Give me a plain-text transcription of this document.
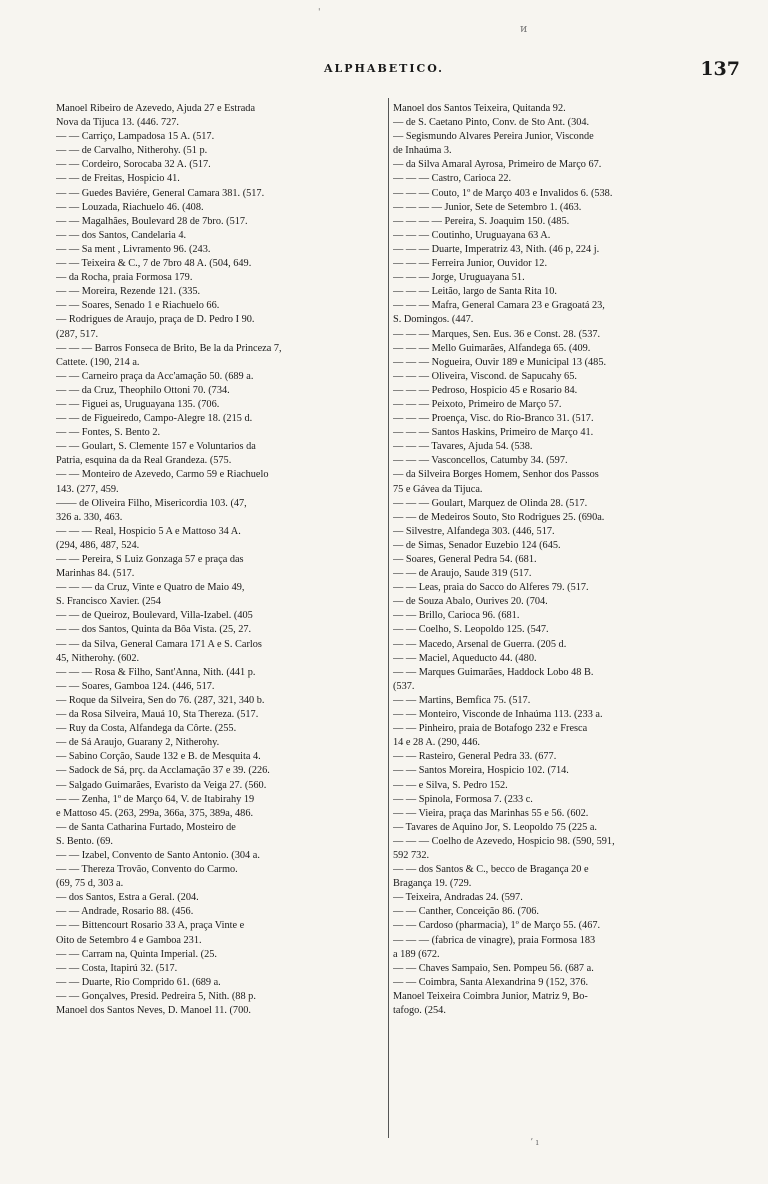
'
ᴎ
ALPHABETICO.	137
Manoel Ribeiro de Azevedo, Ajuda 27 e Estrada
Nova da Tijuca 13. (446. 727.
— — Carriço, Lampadosa 15 A. (517.
— — de Carvalho, Nitherohy. (51 p.
— — Cordeiro, Sorocaba 32 A. (517.
— — de Freitas, Hospicio 41.
— — Guedes Baviére, General Camara 381. (517.
— — Louzada, Riachuelo 46. (408.
— — Magalhães, Boulevard 28 de 7bro. (517.
— — dos Santos, Candelaria 4.
— — Sa ment , Livramento 96. (243.
— — Teixeira & C., 7 de 7bro 48 A. (504, 649.
— da Rocha, praia Formosa 179.
— — Moreira, Rezende 121. (335.
— — Soares, Senado 1 e Riachuelo 66.
— Rodrigues de Araujo, praça de D. Pedro I 90.
(287, 517.
— — — Barros Fonseca de Brito, Be la da Princeza 7,
Cattete. (190, 214 a.
— — Carneiro praça da Acc'amação 50. (689 a.
— — da Cruz, Theophilo Ottoni 70. (734.
— — Figuei as, Uruguayana 135. (706.
— — de Figueiredo, Campo-Alegre 18. (215 d.
— — Fontes, S. Bento 2.
— — Goulart, S. Clemente 157 e Voluntarios da
Patria, esquina da da Real Grandeza. (575.
— — Monteiro de Azevedo, Carmo 59 e Riachuelo
143. (277, 459.
—— de Oliveira Filho, Misericordia 103. (47,
326 a. 330, 463.
— — — Real, Hospicio 5 A e Mattoso 34 A.
(294, 486, 487, 524.
— — Pereira, S Luiz Gonzaga 57 e praça das
Marinhas 84. (517.
— — — da Cruz, Vinte e Quatro de Maio 49,
S. Francisco Xavier. (254
— — de Queiroz, Boulevard, Villa-Izabel. (405
— — dos Santos, Quinta da Bôa Vista. (25, 27.
— — da Silva, General Camara 171 A e S. Carlos
45, Nitherohy. (602.
— — — Rosa & Filho, Sant'Anna, Nith. (441 p.
— — Soares, Gamboa 124. (446, 517.
— Roque da Silveira, Sen do 76. (287, 321, 340 b.
— da Rosa Silveira, Mauá 10, Sta Thereza. (517.
— Ruy da Costa, Alfandega da Côrte. (255.
— de Sá Araujo, Guarany 2, Nitherohy.
— Sabino Corção, Saude 132 e B. de Mesquita 4.
— Sadock de Sá, prç. da Acclamação 37 e 39. (226.
— Salgado Guimarães, Evaristo da Veiga 27. (560.
— — Zenha, 1º de Março 64, V. de Itabirahy 19
e Mattoso 45. (263, 299a, 366a, 375, 389a, 486.
— de Santa Catharina Furtado, Mosteiro de
S. Bento. (69.
— — Izabel, Convento de Santo Antonio. (304 a.
— — Thereza Trovão, Convento do Carmo.
(69, 75 d, 303 a.
— dos Santos, Estra a Geral. (204.
— — Andrade, Rosario 88. (456.
— — Bittencourt Rosario 33 A, praça Vinte e
Oito de Setembro 4 e Gamboa 231.
— — Carram na, Quinta Imperial. (25.
— — Costa, Itapirú 32. (517.
— — Duarte, Rio Comprido 61. (689 a.
— — Gonçalves, Presid. Pedreira 5, Nith. (88 p.
Manoel dos Santos Neves, D. Manoel 11. (700.
Manoel dos Santos Teixeira, Quitanda 92.
— de S. Caetano Pinto, Conv. de Sto Ant. (304.
— Segismundo Alvares Pereira Junior, Visconde
de Inhaúma 3.
— da Silva Amaral Ayrosa, Primeiro de Março 67.
— — — Castro, Carioca 22.
— — — Couto, 1º de Março 403 e Invalidos 6. (538.
— — — — Junior, Sete de Setembro 1. (463.
— — — — Pereira, S. Joaquim 150. (485.
— — — Coutinho, Uruguayana 63 A.
— — — Duarte, Imperatriz 43, Nith. (46 p, 224 j.
— — — Ferreira Junior, Ouvidor 12.
— — — Jorge, Uruguayana 51.
— — — Leitão, largo de Santa Rita 10.
— — — Mafra, General Camara 23 e Gragoatá 23,
S. Domingos. (447.
— — — Marques, Sen. Eus. 36 e Const. 28. (537.
— — — Mello Guimarães, Alfandega 65. (409.
— — — Nogueira, Ouvir 189 e Municipal 13 (485.
— — — Oliveira, Viscond. de Sapucahy 65.
— — — Pedroso, Hospicio 45 e Rosario 84.
— — — Peixoto, Primeiro de Março 57.
— — — Proença, Visc. do Rio-Branco 31. (517.
— — — Santos Haskins, Primeiro de Março 41.
— — — Tavares, Ajuda 54. (538.
— — — Vasconcellos, Catumby 34. (597.
— da Silveira Borges Homem, Senhor dos Passos
75 e Gávea da Tijuca.
— — — Goulart, Marquez de Olinda 28. (517.
— — de Medeiros Souto, Sto Rodrigues 25. (690a.
— Silvestre, Alfandega 303. (446, 517.
— de Simas, Senador Euzebio 124 (645.
— Soares, General Pedra 54. (681.
— — de Araujo, Saude 319 (517.
— — Leas, praia do Sacco do Alferes 79. (517.
— de Souza Abalo, Ourives 20. (704.
— — Brillo, Carioca 96. (681.
— — Coelho, S. Leopoldo 125. (547.
— — Macedo, Arsenal de Guerra. (205 d.
— — Maciel, Aqueducto 44. (480.
— — Marques Guimarães, Haddock Lobo 48 B.
(537.
— — Martins, Bemfica 75. (517.
— — Monteiro, Visconde de Inhaúma 113. (233 a.
— — Pinheiro, praia de Botafogo 232 e Fresca
14 e 28 A. (290, 446.
— — Rasteiro, General Pedra 33. (677.
— — Santos Moreira, Hospicio 102. (714.
— — e Silva, S. Pedro 152.
— — Spinola, Formosa 7. (233 c.
— — Vieira, praça das Marinhas 55 e 56. (602.
— Tavares de Aquino Jor, S. Leopoldo 75 (225 a.
— — — Coelho de Azevedo, Hospicio 98. (590, 591,
592 732.
— — dos Santos & C., becco de Bragança 20 e
Bragança 19. (729.
— Teixeira, Andradas 24. (597.
— — Canther, Conceição 86. (706.
— — Cardoso (pharmacia), 1º de Março 55. (467.
— — — (fabrica de vinagre), praia Formosa 183
a 189 (672.
— — Chaves Sampaio, Sen. Pompeu 56. (687 a.
— — Coimbra, Santa Alexandrina 9 (152, 376.
Manoel Teixeira Coimbra Junior, Matriz 9, Bo-
tafogo. (254.
ʼ ı
